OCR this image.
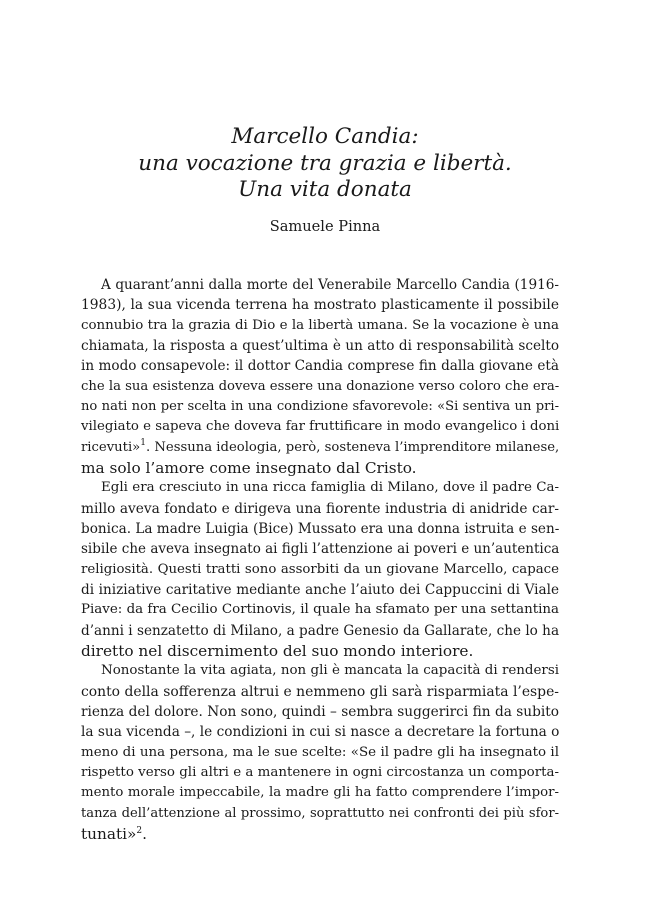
Marcello Candia:
una vocazione tra grazia e libertà.
Una vita donata
Samuele Pinna
A quarant’anni dalla morte del Venerabile Marcello Candia (1916-
1983), la sua vicenda terrena ha mostrato plasticamente il possibile
connubio tra la grazia di Dio e la libertà umana. Se la vocazione è una
chiamata, la risposta a quest’ultima è un atto di responsabilità scelto
in modo consapevole: il dottor Candia comprese fin dalla giovane età
che la sua esistenza doveva essere una donazione verso coloro che era-
no nati non per scelta in una condizione sfavorevole: «Si sentiva un pri-
vilegiato e sapeva che doveva far fruttificare in modo evangelico i doni
ricevuti»$^1$. Nessuna ideologia, però, sosteneva l’imprenditore milanese,
ma solo l’amore come insegnato dal Cristo.
Egli era cresciuto in una ricca famiglia di Milano, dove il padre Ca-
millo aveva fondato e dirigeva una fiorente industria di anidride car-
bonica. La madre Luigia (Bice) Mussato era una donna istruita e sen-
sibile che aveva insegnato ai figli l’attenzione ai poveri e un’autentica
religiosità. Questi tratti sono assorbiti da un giovane Marcello, capace
di iniziative caritative mediante anche l’aiuto dei Cappuccini di Viale
Piave: da fra Cecilio Cortinovis, il quale ha sfamato per una settantina
d’anni i senzatetto di Milano, a padre Genesio da Gallarate, che lo ha
diretto nel discernimento del suo mondo interiore.
Nonostante la vita agiata, non gli è mancata la capacità di rendersi
conto della sofferenza altrui e nemmeno gli sarà risparmiata l’espe-
rienza del dolore. Non sono, quindi – sembra suggerirci fin da subito
la sua vicenda –, le condizioni in cui si nasce a decretare la fortuna o
meno di una persona, ma le sue scelte: «Se il padre gli ha insegnato il
rispetto verso gli altri e a mantenere in ogni circostanza un comporta-
mento morale impeccabile, la madre gli ha fatto comprendere l’impor-
tanza dell’attenzione al prossimo, soprattutto nei confronti dei più sfor-
tunati»$^2$.
